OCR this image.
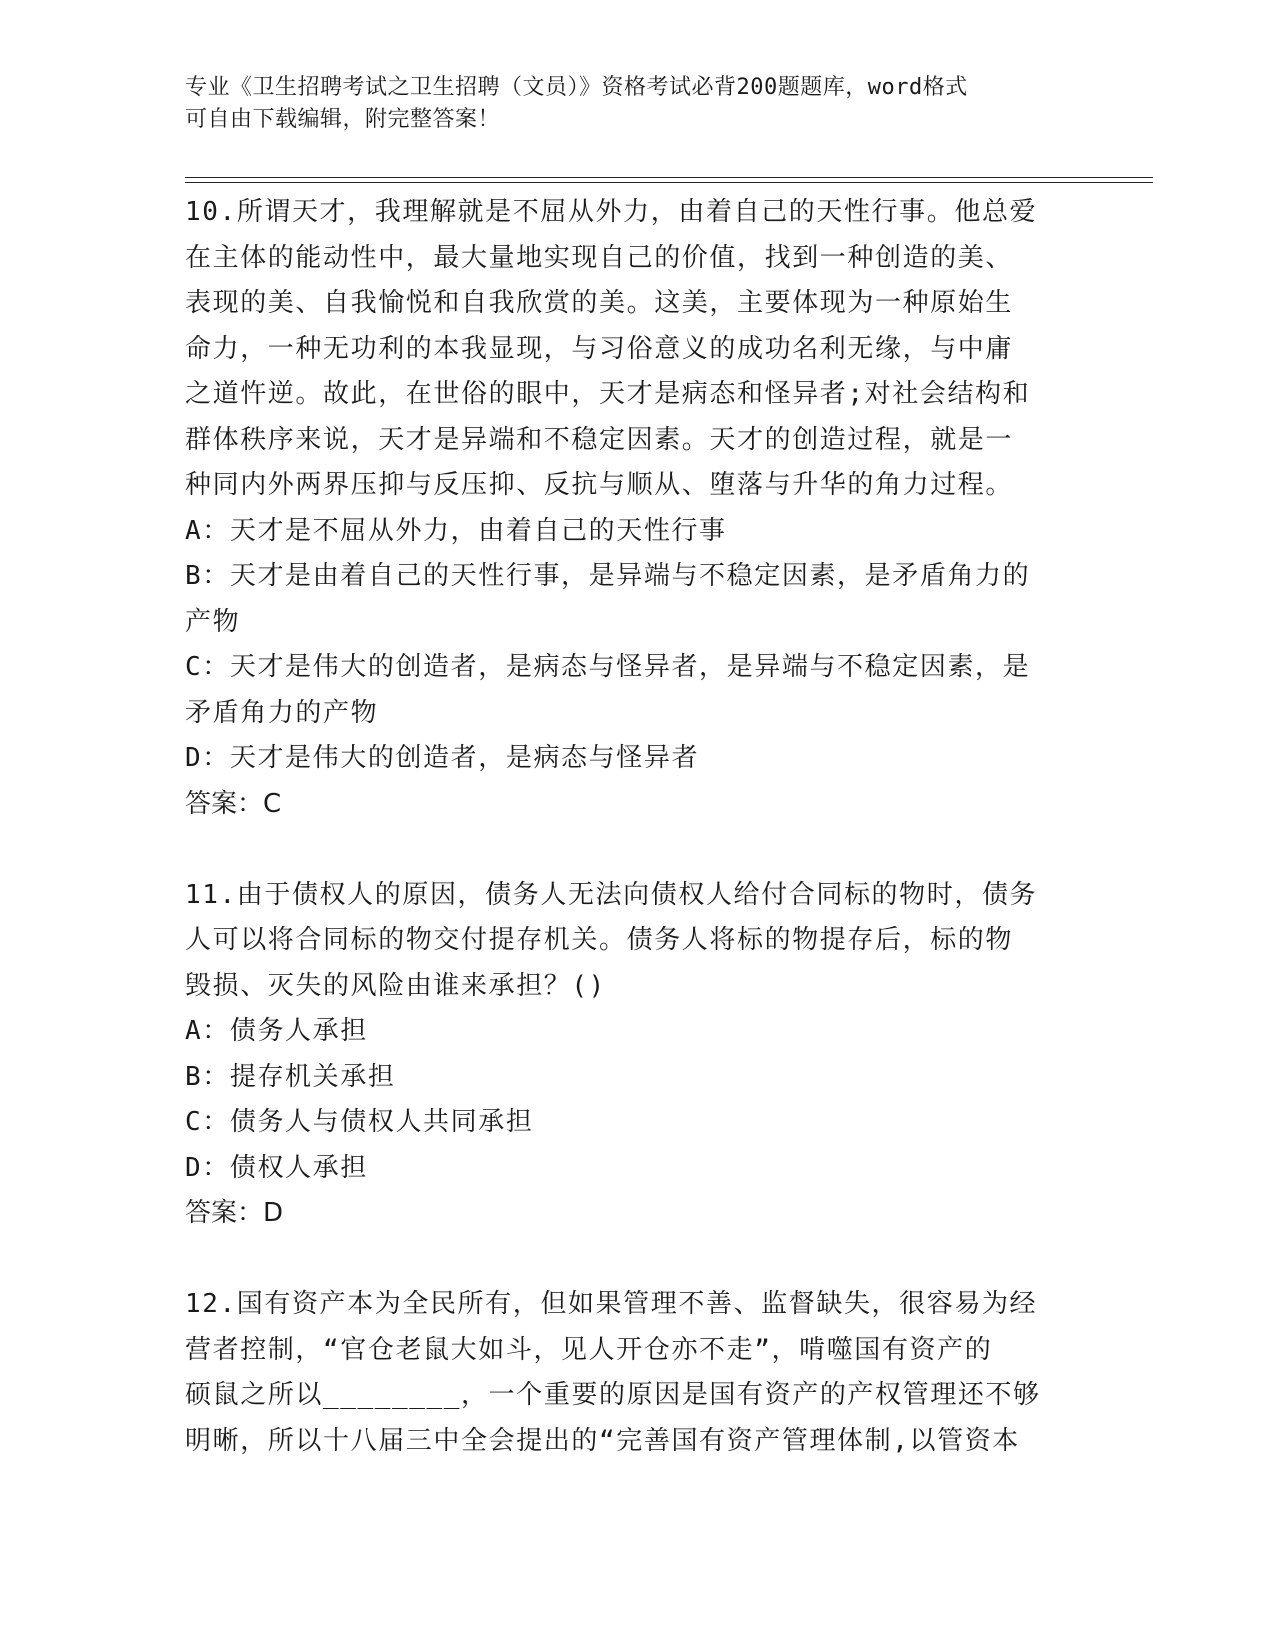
专业《卫生招聘考试之卫生招聘（文员）》资格考试必背200题题库，word格式
可自由下载编辑，附完整答案！
10.所谓天才，我理解就是不屈从外力，由着自己的天性行事。他总爱
在主体的能动性中，最大量地实现自己的价值，找到一种创造的美、
表现的美、自我愉悦和自我欣赏的美。这美，主要体现为一种原始生
命力，一种无功利的本我显现，与习俗意义的成功名利无缘，与中庸
之道忤逆。故此，在世俗的眼中，天才是病态和怪异者;对社会结构和
群体秩序来说，天才是异端和不稳定因素。天才的创造过程，就是一
种同内外两界压抑与反压抑、反抗与顺从、堕落与升华的角力过程。
A：天才是不屈从外力，由着自己的天性行事
B：天才是由着自己的天性行事，是异端与不稳定因素，是矛盾角力的
产物
C：天才是伟大的创造者，是病态与怪异者，是异端与不稳定因素，是
矛盾角力的产物
D：天才是伟大的创造者，是病态与怪异者
答案：C
11.由于债权人的原因，债务人无法向债权人给付合同标的物时，债务
人可以将合同标的物交付提存机关。债务人将标的物提存后，标的物
毁损、灭失的风险由谁来承担？()
A：债务人承担
B：提存机关承担
C：债务人与债权人共同承担
D：债权人承担
答案：D
12.国有资产本为全民所有，但如果管理不善、监督缺失，很容易为经
营者控制，“官仓老鼠大如斗，见人开仓亦不走”，啃噬国有资产的
硕鼠之所以________，一个重要的原因是国有资产的产权管理还不够
明晰，所以十八届三中全会提出的“完善国有资产管理体制,以管资本
